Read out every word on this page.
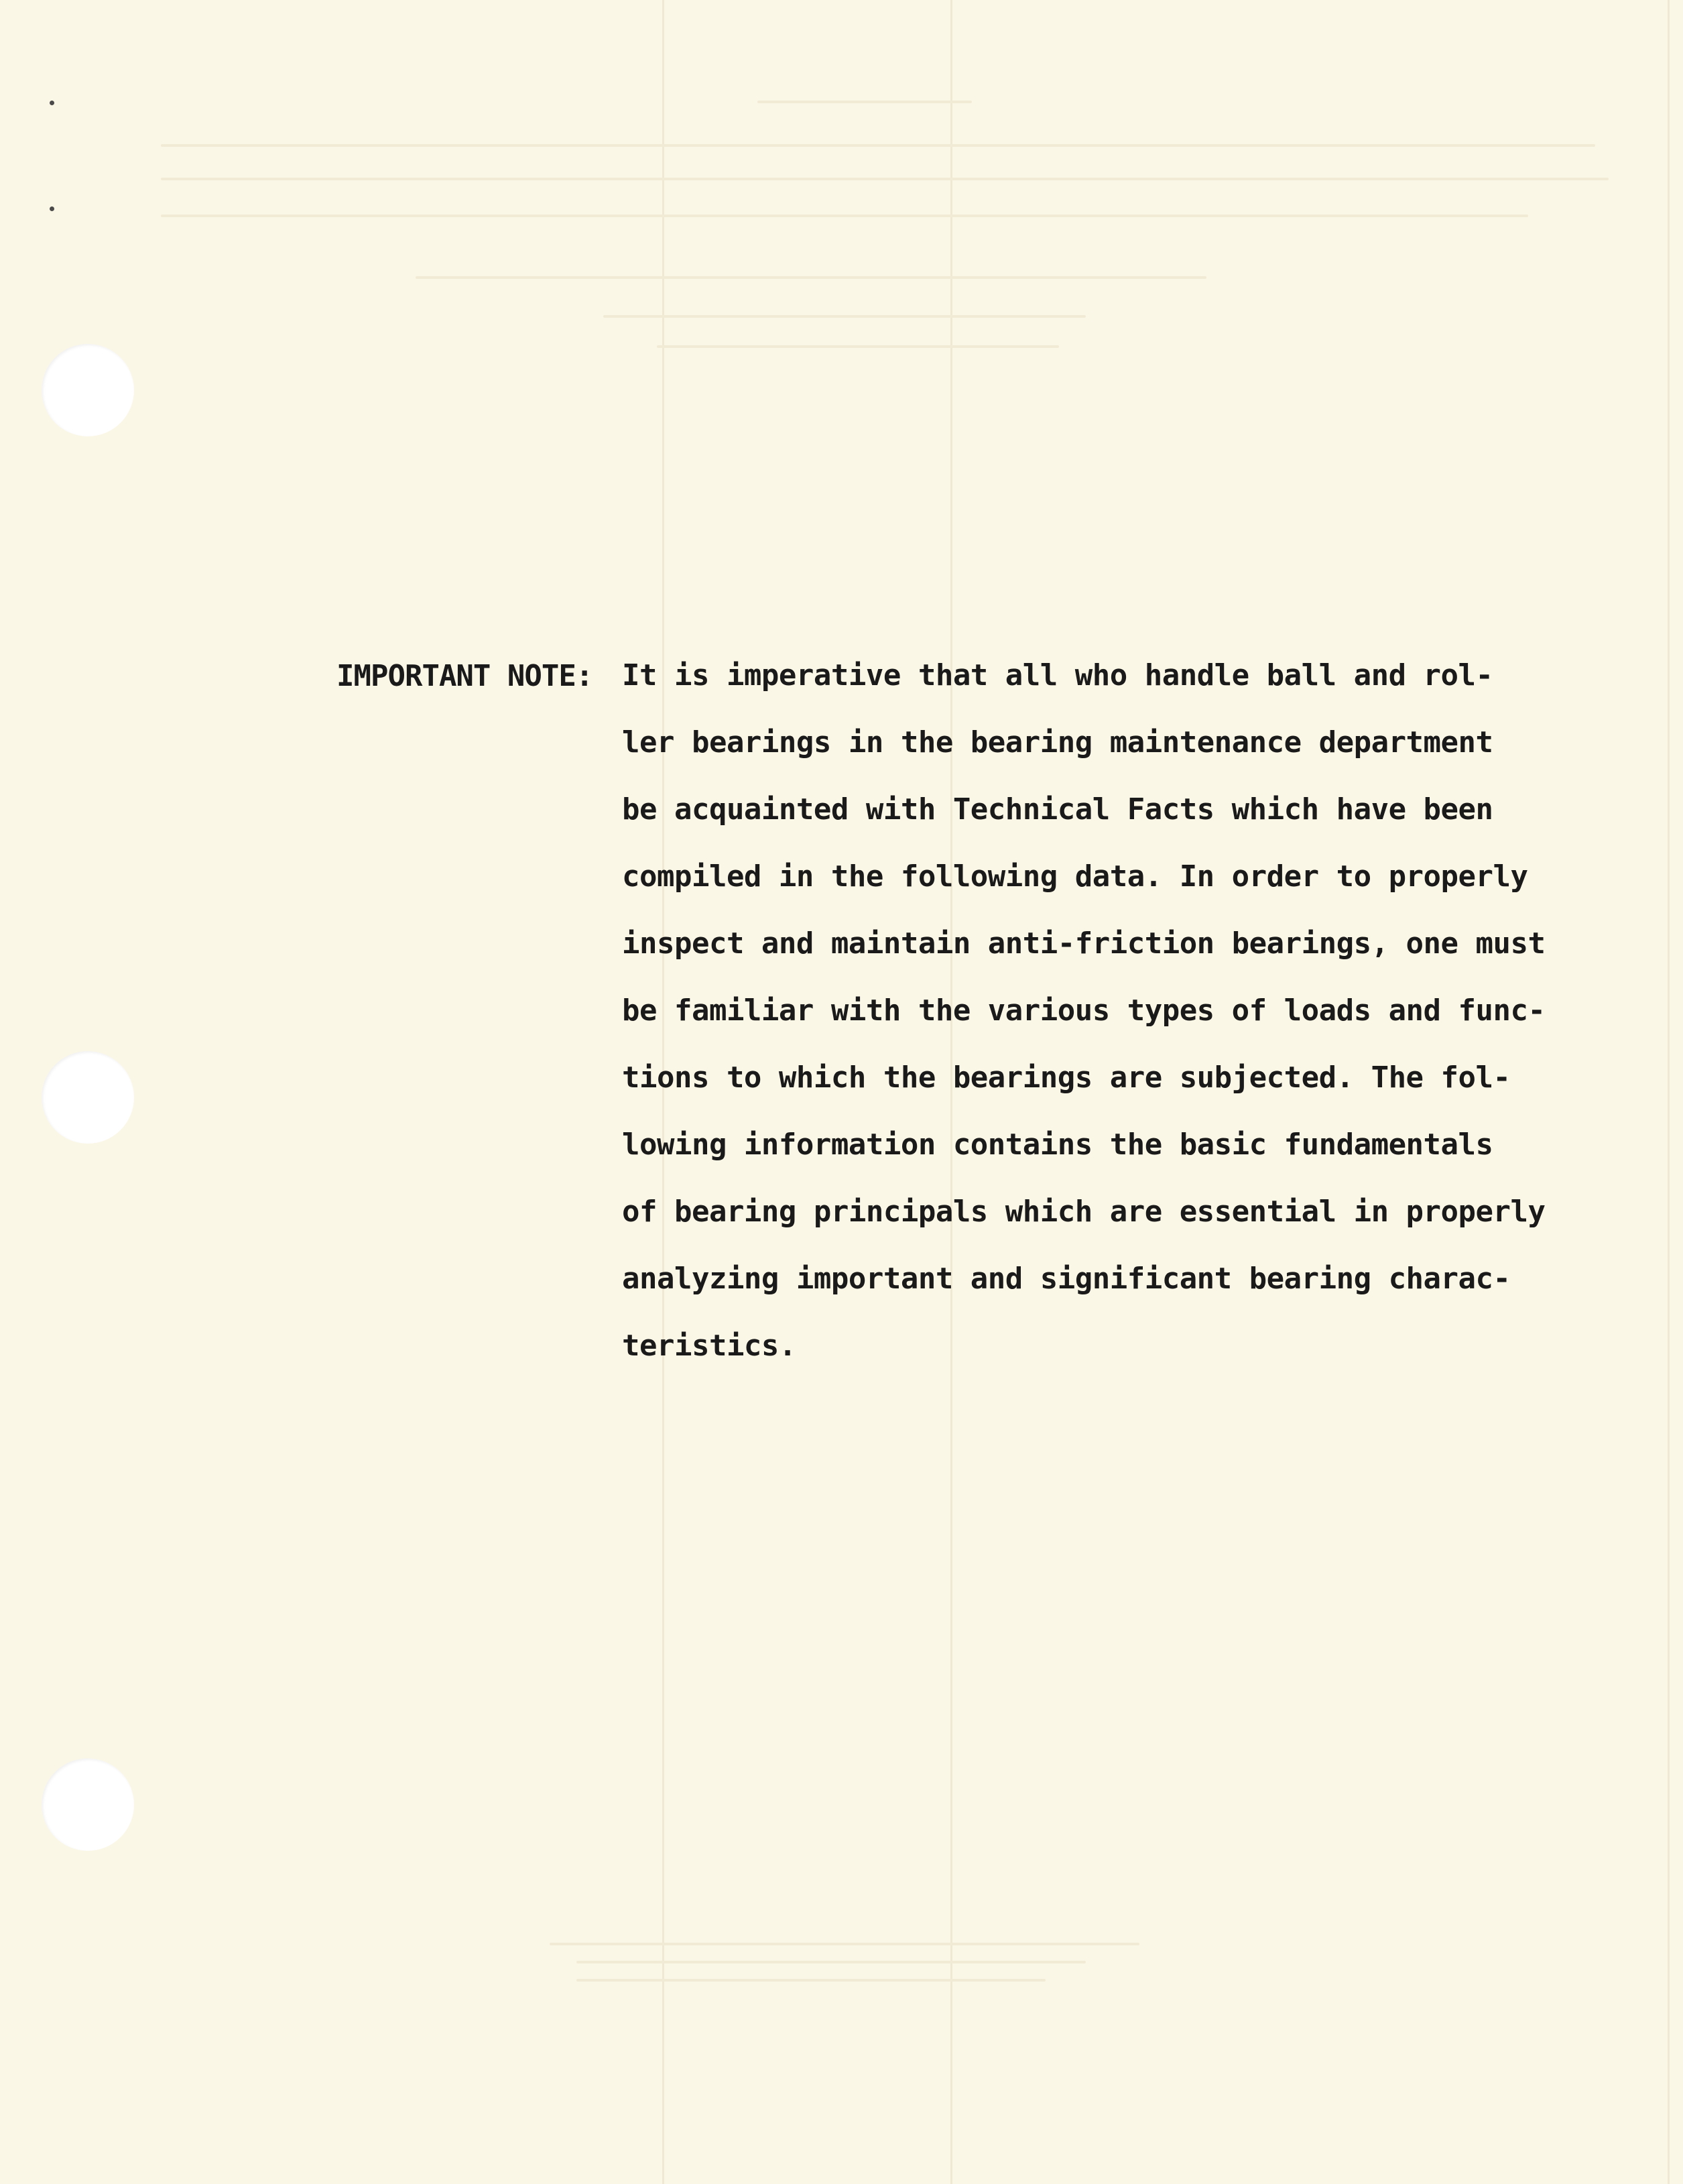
IMPORTANT NOTE: It is imperative that all who handle ball and rol-
ler bearings in the bearing maintenance department
be acquainted with Technical Facts which have been
compiled in the following data. In order to properly
inspect and maintain anti-friction bearings, one must
be familiar with the various types of loads and func-
tions to which the bearings are subjected. The fol-
lowing information contains the basic fundamentals
of bearing principals which are essential in properly
analyzing important and significant bearing charac-
teristics.
